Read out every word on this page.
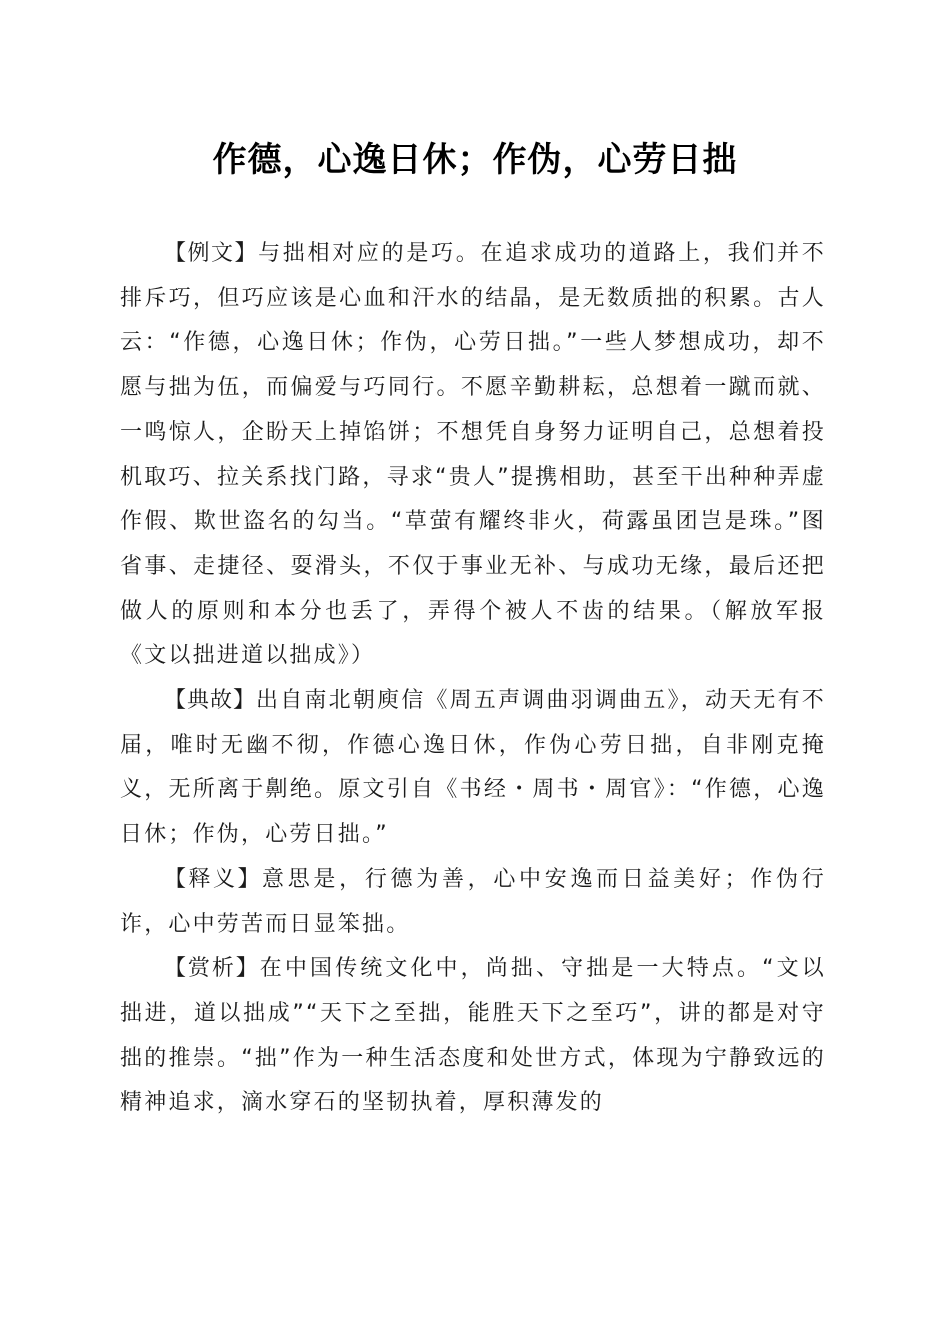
作德，心逸日休；作伪，心劳日拙

【例文】与拙相对应的是巧。在追求成功的道路上，我们并不排斥巧，但巧应该是心血和汗水的结晶，是无数质拙的积累。古人云：“作德，心逸日休；作伪，心劳日拙。”一些人梦想成功，却不愿与拙为伍，而偏爱与巧同行。不愿辛勤耕耘，总想着一蹴而就、一鸣惊人，企盼天上掉馅饼；不想凭自身努力证明自己，总想着投机取巧、拉关系找门路，寻求“贵人”提携相助，甚至干出种种弄虚作假、欺世盗名的勾当。“草萤有耀终非火，荷露虽团岂是珠。”图省事、走捷径、耍滑头，不仅于事业无补、与成功无缘，最后还把做人的原则和本分也丢了，弄得个被人不齿的结果。（解放军报《文以拙进道以拙成》）

【典故】出自南北朝庾信《周五声调曲羽调曲五》，动天无有不届，唯时无幽不彻，作德心逸日休，作伪心劳日拙，自非刚克掩义，无所离于劓绝。原文引自《书经・周书・周官》：“作德，心逸日休；作伪，心劳日拙。”

【释义】意思是，行德为善，心中安逸而日益美好；作伪行诈，心中劳苦而日显笨拙。

【赏析】在中国传统文化中，尚拙、守拙是一大特点。“文以拙进，道以拙成”“天下之至拙，能胜天下之至巧”，讲的都是对守拙的推崇。“拙”作为一种生活态度和处世方式，体现为宁静致远的精神追求，滴水穿石的坚韧执着，厚积薄发的
